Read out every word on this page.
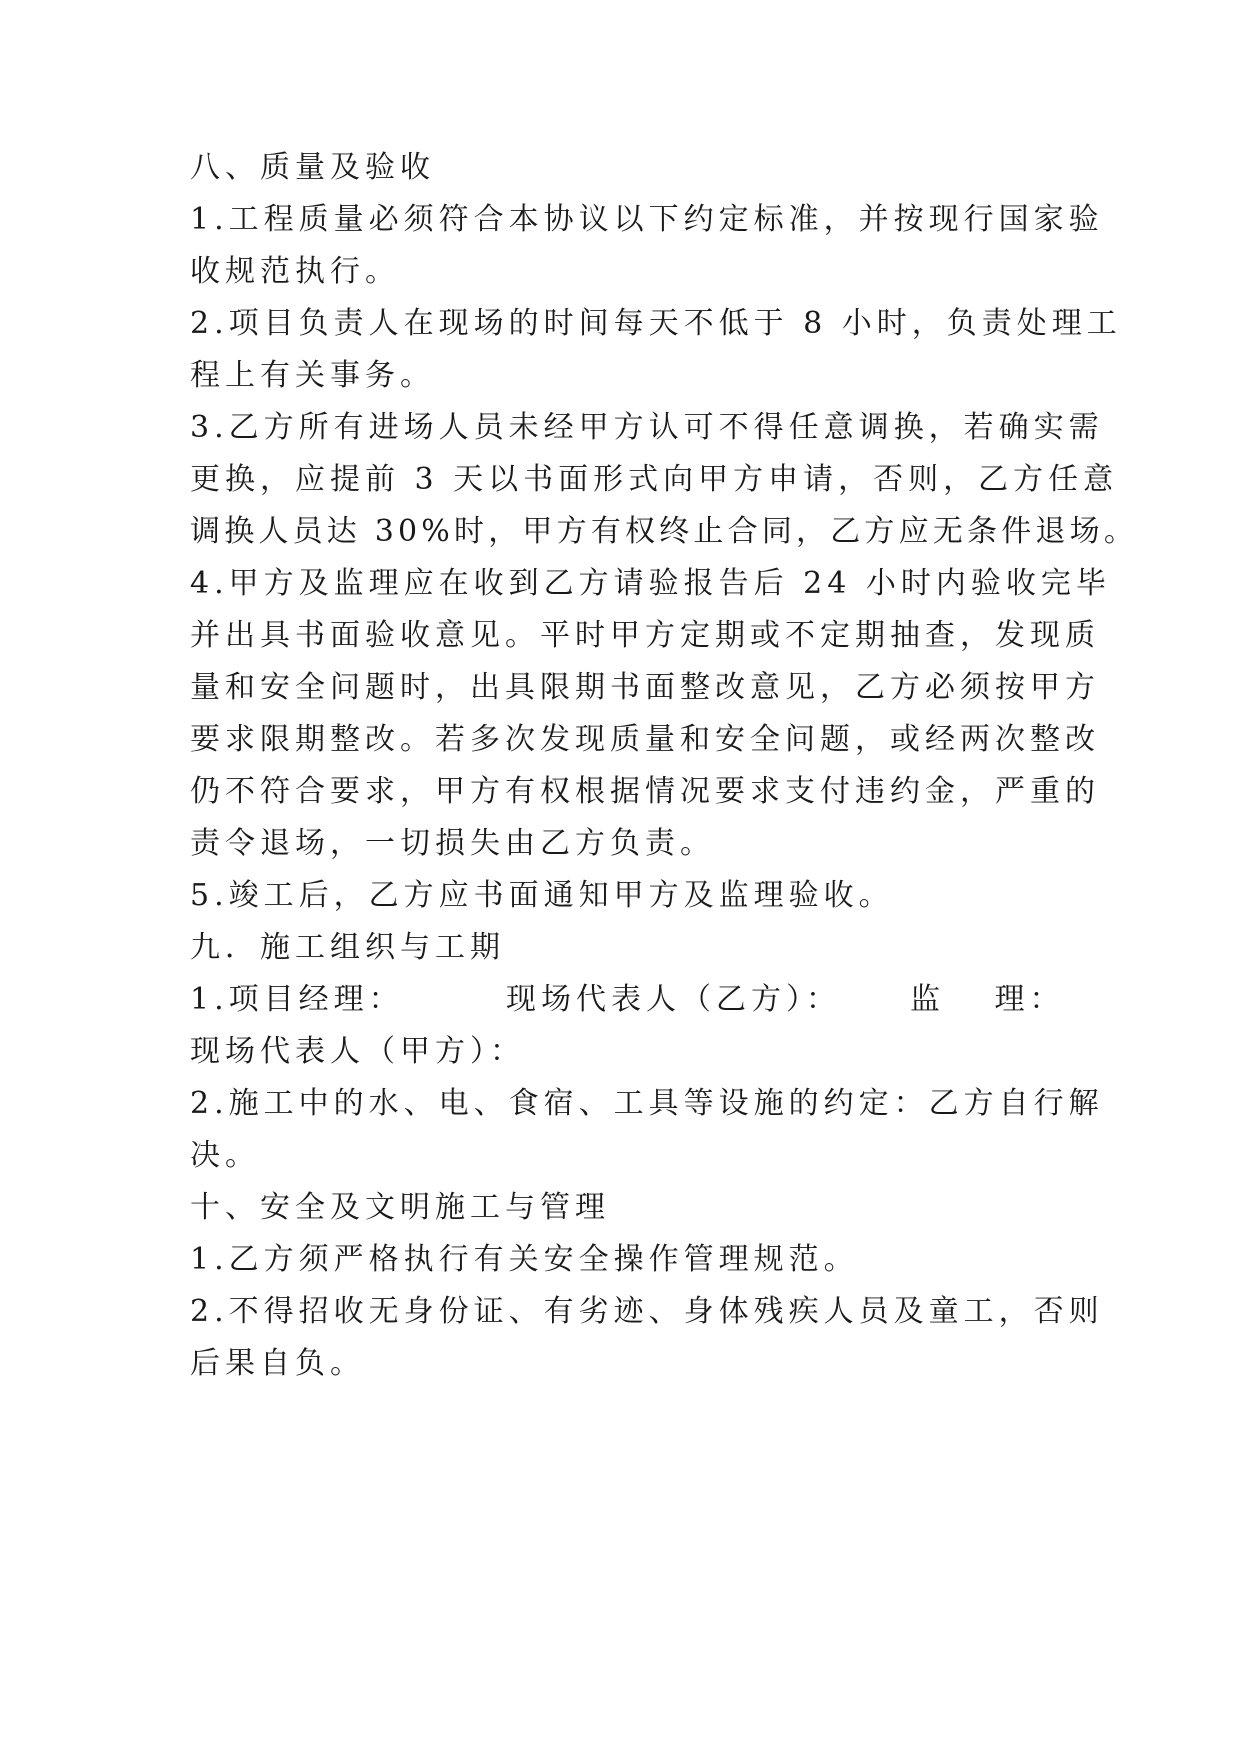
八、质量及验收
1.工程质量必须符合本协议以下约定标准，并按现行国家验
收规范执行。
2.项目负责人在现场的时间每天不低于 8 小时，负责处理工
程上有关事务。
3.乙方所有进场人员未经甲方认可不得任意调换，若确实需
更换，应提前 3 天以书面形式向甲方申请，否则，乙方任意
调换人员达 30%时，甲方有权终止合同，乙方应无条件退场。
4.甲方及监理应在收到乙方请验报告后 24 小时内验收完毕
并出具书面验收意见。平时甲方定期或不定期抽查，发现质
量和安全问题时，出具限期书面整改意见，乙方必须按甲方
要求限期整改。若多次发现质量和安全问题，或经两次整改
仍不符合要求，甲方有权根据情况要求支付违约金，严重的
责令退场，一切损失由乙方负责。
5.竣工后，乙方应书面通知甲方及监理验收。
九．施工组织与工期
1.项目经理：	现场代表人（乙方）： 监　 理：
现场代表人（甲方）：
2.施工中的水、电、食宿、工具等设施的约定：乙方自行解
决。
十、安全及文明施工与管理
1.乙方须严格执行有关安全操作管理规范。
2.不得招收无身份证、有劣迹、身体残疾人员及童工，否则
后果自负。
